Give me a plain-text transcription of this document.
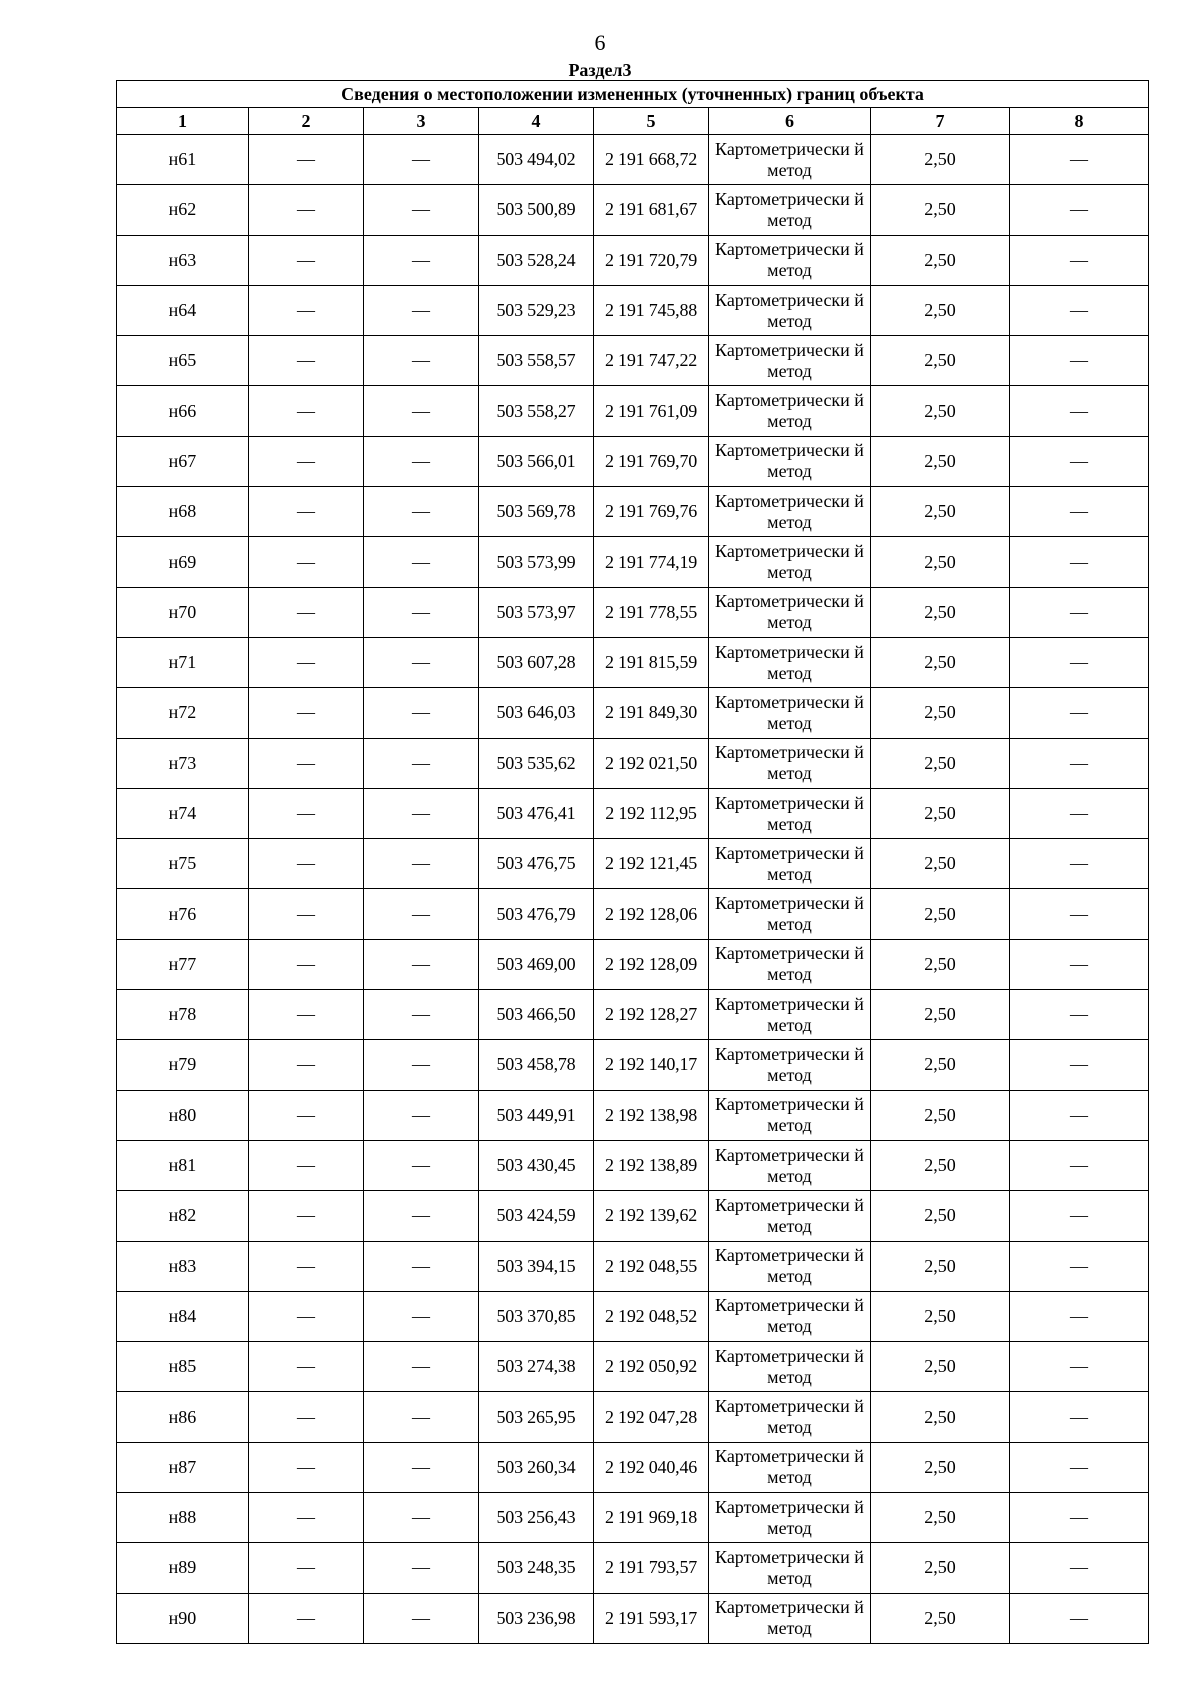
6
Раздел3
Сведения о местоположении измененных (уточненных) границ объекта							
1	2	3	4	5	6	7	8
н61	—	—	503 494,02	2 191 668,72	Картометрически й метод	2,50	—
н62	—	—	503 500,89	2 191 681,67	Картометрически й метод	2,50	—
н63	—	—	503 528,24	2 191 720,79	Картометрически й метод	2,50	—
н64	—	—	503 529,23	2 191 745,88	Картометрически й метод	2,50	—
н65	—	—	503 558,57	2 191 747,22	Картометрически й метод	2,50	—
н66	—	—	503 558,27	2 191 761,09	Картометрически й метод	2,50	—
н67	—	—	503 566,01	2 191 769,70	Картометрически й метод	2,50	—
н68	—	—	503 569,78	2 191 769,76	Картометрически й метод	2,50	—
н69	—	—	503 573,99	2 191 774,19	Картометрически й метод	2,50	—
н70	—	—	503 573,97	2 191 778,55	Картометрически й метод	2,50	—
н71	—	—	503 607,28	2 191 815,59	Картометрически й метод	2,50	—
н72	—	—	503 646,03	2 191 849,30	Картометрически й метод	2,50	—
н73	—	—	503 535,62	2 192 021,50	Картометрически й метод	2,50	—
н74	—	—	503 476,41	2 192 112,95	Картометрически й метод	2,50	—
н75	—	—	503 476,75	2 192 121,45	Картометрически й метод	2,50	—
н76	—	—	503 476,79	2 192 128,06	Картометрически й метод	2,50	—
н77	—	—	503 469,00	2 192 128,09	Картометрически й метод	2,50	—
н78	—	—	503 466,50	2 192 128,27	Картометрически й метод	2,50	—
н79	—	—	503 458,78	2 192 140,17	Картометрически й метод	2,50	—
н80	—	—	503 449,91	2 192 138,98	Картометрически й метод	2,50	—
н81	—	—	503 430,45	2 192 138,89	Картометрически й метод	2,50	—
н82	—	—	503 424,59	2 192 139,62	Картометрически й метод	2,50	—
н83	—	—	503 394,15	2 192 048,55	Картометрически й метод	2,50	—
н84	—	—	503 370,85	2 192 048,52	Картометрически й метод	2,50	—
н85	—	—	503 274,38	2 192 050,92	Картометрически й метод	2,50	—
н86	—	—	503 265,95	2 192 047,28	Картометрически й метод	2,50	—
н87	—	—	503 260,34	2 192 040,46	Картометрически й метод	2,50	—
н88	—	—	503 256,43	2 191 969,18	Картометрически й метод	2,50	—
н89	—	—	503 248,35	2 191 793,57	Картометрически й метод	2,50	—
н90	—	—	503 236,98	2 191 593,17	Картометрически й метод	2,50	—
